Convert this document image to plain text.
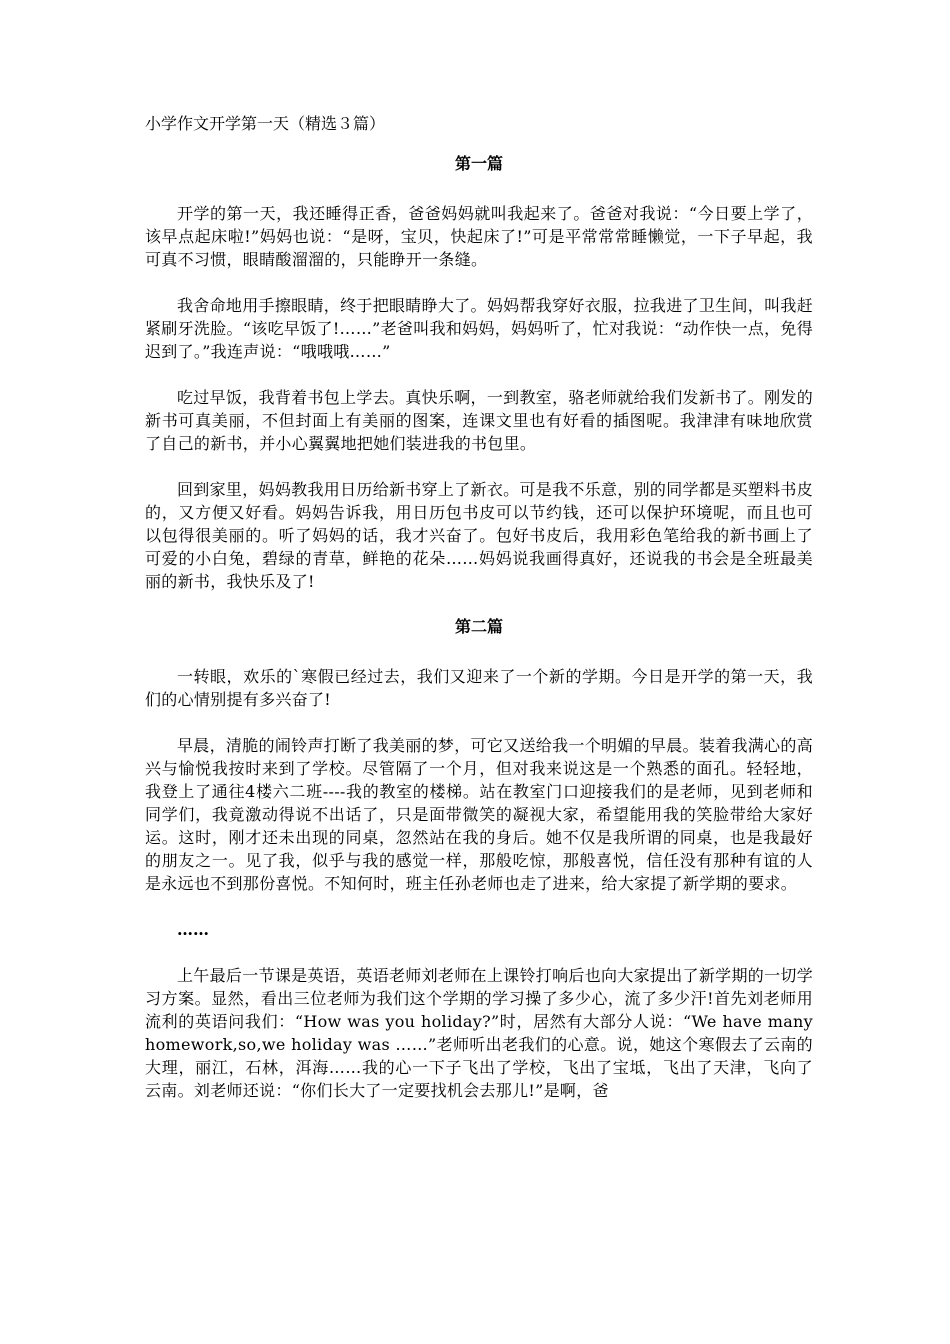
小学作文开学第一天（精选３篇）
第一篇

开学的第一天，我还睡得正香，爸爸妈妈就叫我起来了。爸爸对我说：“今日要上学了，该早点起床啦!”妈妈也说：“是呀，宝贝，快起床了!”可是平常常常睡懒觉，一下子早起，我可真不习惯，眼睛酸溜溜的，只能睁开一条缝。

我舍命地用手擦眼睛，终于把眼睛睁大了。妈妈帮我穿好衣服，拉我进了卫生间，叫我赶紧刷牙洗脸。“该吃早饭了!……”老爸叫我和妈妈，妈妈听了，忙对我说：“动作快一点，免得迟到了。”我连声说：“哦哦哦……”

吃过早饭，我背着书包上学去。真快乐啊，一到教室，骆老师就给我们发新书了。刚发的新书可真美丽，不但封面上有美丽的图案，连课文里也有好看的插图呢。我津津有味地欣赏了自己的新书，并小心翼翼地把她们装进我的书包里。

回到家里，妈妈教我用日历给新书穿上了新衣。可是我不乐意，别的同学都是买塑料书皮的，又方便又好看。妈妈告诉我，用日历包书皮可以节约钱，还可以保护环境呢，而且也可以包得很美丽的。听了妈妈的话，我才兴奋了。包好书皮后，我用彩色笔给我的新书画上了可爱的小白兔，碧绿的青草，鲜艳的花朵……妈妈说我画得真好，还说我的书会是全班最美丽的新书，我快乐及了!

第二篇

一转眼，欢乐的`寒假已经过去，我们又迎来了一个新的学期。今日是开学的第一天，我们的心情别提有多兴奋了!

早晨，清脆的闹铃声打断了我美丽的梦，可它又送给我一个明媚的早晨。装着我满心的高兴与愉悦我按时来到了学校。尽管隔了一个月，但对我来说这是一个熟悉的面孔。轻轻地，我登上了通往4楼六二班----我的教室的楼梯。站在教室门口迎接我们的是老师，见到老师和同学们，我竟激动得说不出话了，只是面带微笑的凝视大家，希望能用我的笑脸带给大家好运。这时，刚才还未出现的同桌，忽然站在我的身后。她不仅是我所谓的同桌，也是我最好的朋友之一。见了我，似乎与我的感觉一样，那般吃惊，那般喜悦，信任没有那种有谊的人是永远也不到那份喜悦。不知何时，班主任孙老师也走了进来，给大家提了新学期的要求。

……

上午最后一节课是英语，英语老师刘老师在上课铃打响后也向大家提出了新学期的一切学习方案。显然，看出三位老师为我们这个学期的学习操了多少心，流了多少汗!首先刘老师用流利的英语问我们：“How was you holiday?”时，居然有大部分人说：“We have many homework,so,we holiday was ……”老师听出老我们的心意。说，她这个寒假去了云南的大理，丽江，石林，洱海……我的心一下子飞出了学校，飞出了宝坻，飞出了天津，飞向了云南。刘老师还说：“你们长大了一定要找机会去那儿!”是啊，爸
